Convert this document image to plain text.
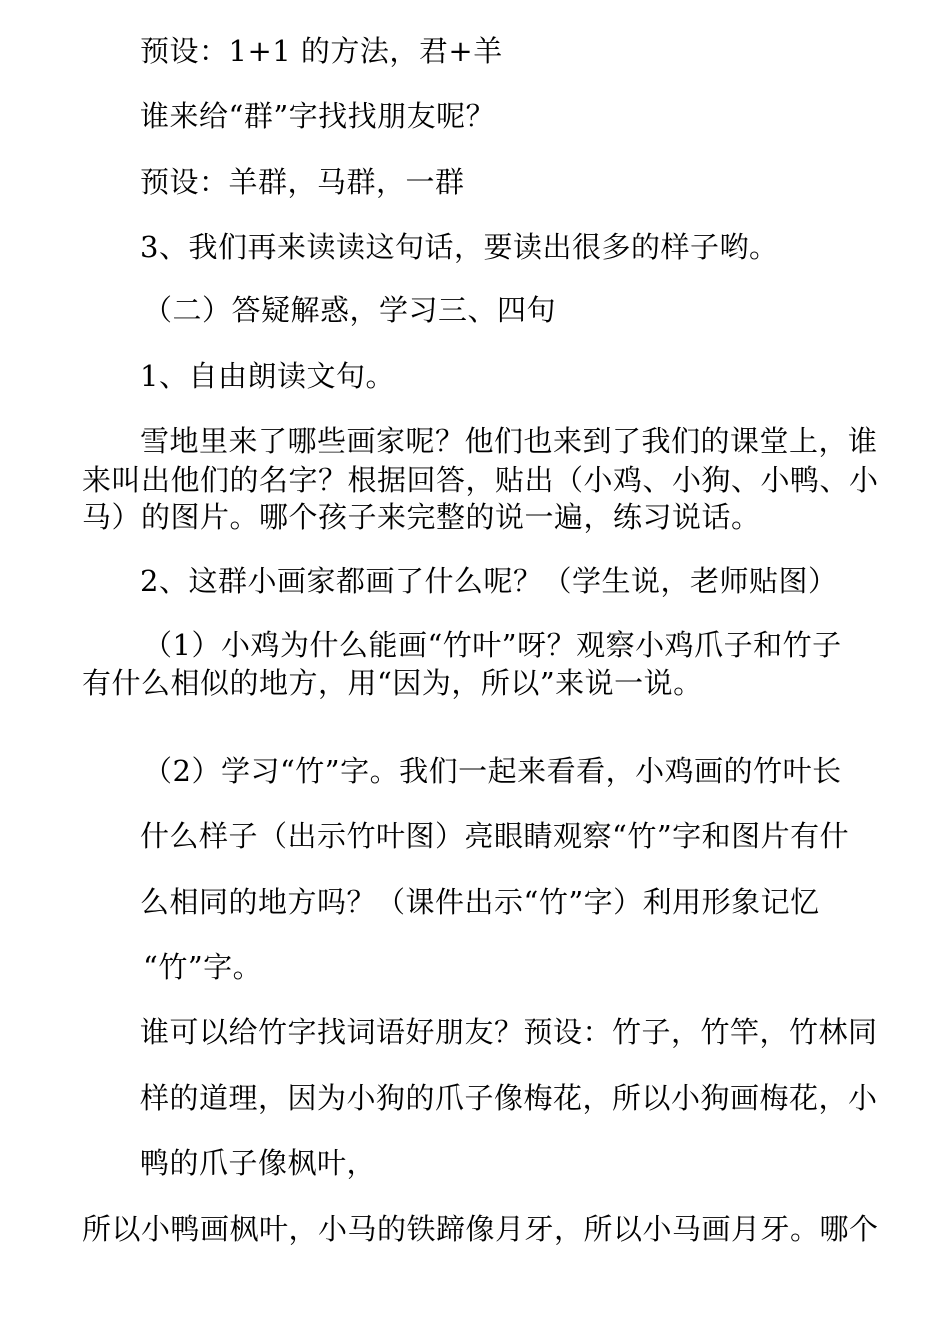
预设：1+1 的方法，君+羊
谁来给“群”字找找朋友呢？
预设：羊群，马群，一群
3、我们再来读读这句话，要读出很多的样子哟。
（二）答疑解惑，学习三、四句
1、自由朗读文句。
雪地里来了哪些画家呢？他们也来到了我们的课堂上，谁
来叫出他们的名字？根据回答，贴出（小鸡、小狗、小鸭、小
马）的图片。哪个孩子来完整的说一遍，练习说话。
2、这群小画家都画了什么呢？（学生说，老师贴图）
（1）小鸡为什么能画“竹叶”呀？观察小鸡爪子和竹子
有什么相似的地方，用“因为，所以”来说一说。
（2）学习“竹”字。我们一起来看看，小鸡画的竹叶长
什么样子（出示竹叶图）亮眼睛观察“竹”字和图片有什
么相同的地方吗？（课件出示“竹”字）利用形象记忆
“竹”字。
谁可以给竹字找词语好朋友？预设：竹子，竹竿，竹林同
样的道理，因为小狗的爪子像梅花，所以小狗画梅花，小
鸭的爪子像枫叶，
所以小鸭画枫叶，小马的铁蹄像月牙，所以小马画月牙。哪个
